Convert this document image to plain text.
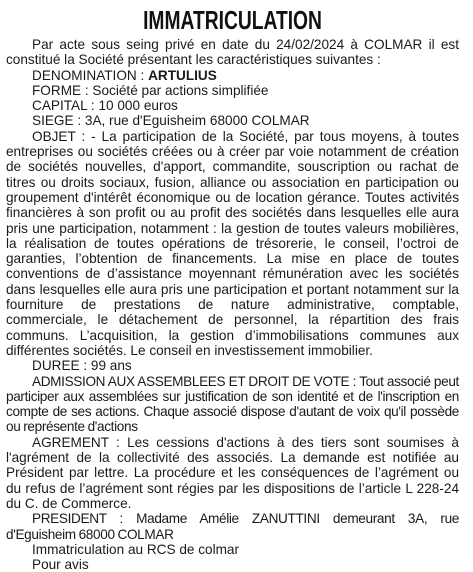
IMMATRICULATION

Par acte sous seing privé en date du 24/02/2024 à COLMAR il est constitué la Société présentant les caractéristiques suivantes :

DENOMINATION : ARTULIUS

FORME : Société par actions simplifiée

CAPITAL : 10 000 euros

SIEGE : 3A, rue d'Eguisheim 68000 COLMAR

OBJET : - La participation de la Société, par tous moyens, à toutes entreprises ou sociétés créées ou à créer par voie notamment de création de sociétés nouvelles, d'apport, commandite, souscription ou rachat de titres ou droits sociaux, fusion, alliance ou association en participation ou groupement d'intérêt économique ou de location gérance. Toutes activités financières à son profit ou au profit des sociétés dans lesquelles elle aura pris une participation, notamment : la gestion de toutes valeurs mobilières, la réalisation de toutes opérations de trésorerie, le conseil, l’octroi de garanties, l’obtention de financements. La mise en place de toutes conventions de d’assistance moyennant rémunération avec les sociétés dans lesquelles elle aura pris une participation et portant notamment sur la fourniture de prestations de nature administrative, comptable, commerciale, le détachement de personnel, la répartition des frais communs. L’acquisition, la gestion d’immobilisations communes aux différentes sociétés. Le conseil en investissement immobilier.

DUREE : 99 ans

ADMISSION AUX ASSEMBLEES ET DROIT DE VOTE : Tout associé peut participer aux assemblées sur justification de son identité et de l'inscription en compte de ses actions. Chaque associé dispose d'autant de voix qu'il possède ou représente d'actions

AGREMENT : Les cessions d'actions à des tiers sont soumises à l'agrément de la collectivité des associés. La demande est notifiée au Président par lettre. La procédure et les conséquences de l’agrément ou du refus de l’agrément sont régies par les dispositions de l’article L 228-24 du C. de Commerce.

PRESIDENT : Madame Amélie ZANUTTINI demeurant 3A, rue d'Eguisheim 68000 COLMAR

Immatriculation au RCS de colmar

Pour avis
